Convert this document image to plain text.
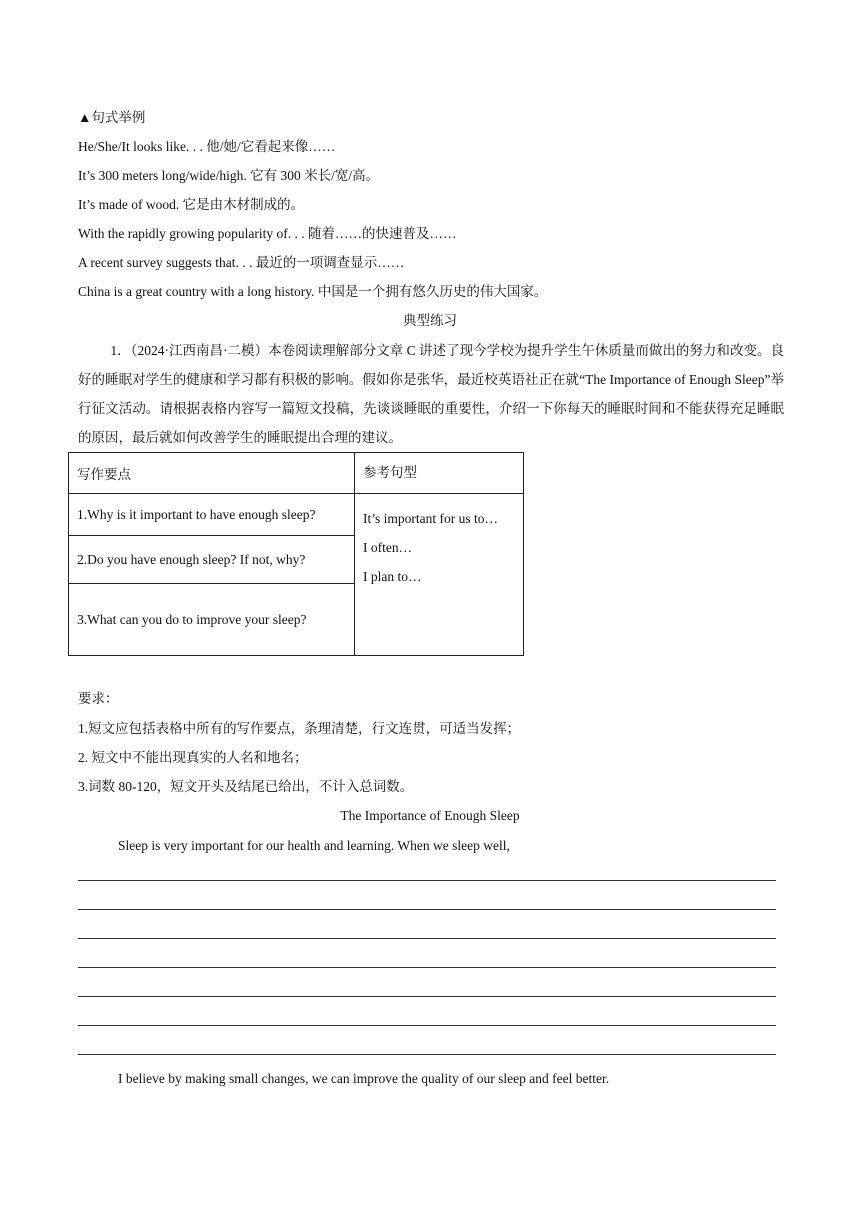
▲句式举例
He/She/It looks like. . . 他/她/它看起来像……
It’s 300 meters long/wide/high. 它有 300 米长/宽/高。
It’s made of wood. 它是由木材制成的。
With the rapidly growing popularity of. . . 随着……的快速普及……
A recent survey suggests that. . . 最近的一项调查显示……
China is a great country with a long history. 中国是一个拥有悠久历史的伟大国家。
典型练习
1．（2024·江西南昌·二模）本卷阅读理解部分文章 C 讲述了现今学校为提升学生午休质量而做出的努力和改变。良好的睡眠对学生的健康和学习都有积极的影响。假如你是张华，最近校英语社正在就“The Importance of Enough Sleep”举行征文活动。请根据表格内容写一篇短文投稿，先谈谈睡眠的重要性，介绍一下你每天的睡眠时间和不能获得充足睡眠的原因，最后就如何改善学生的睡眠提出合理的建议。
写作要点	参考句型
1.Why is it important to have enough sleep?	It’s important for us to…
I often…
I plan to…

2.Do you have enough sleep? If not, why?	
3.What can you do to improve your sleep?	
要求：
1.短文应包括表格中所有的写作要点，条理清楚，行文连贯，可适当发挥；
2. 短文中不能出现真实的人名和地名；
3.词数 80-120，短文开头及结尾已给出，不计入总词数。
The Importance of Enough Sleep
Sleep is very important for our health and learning. When we sleep well,
I believe by making small changes, we can improve the quality of our sleep and feel better.
